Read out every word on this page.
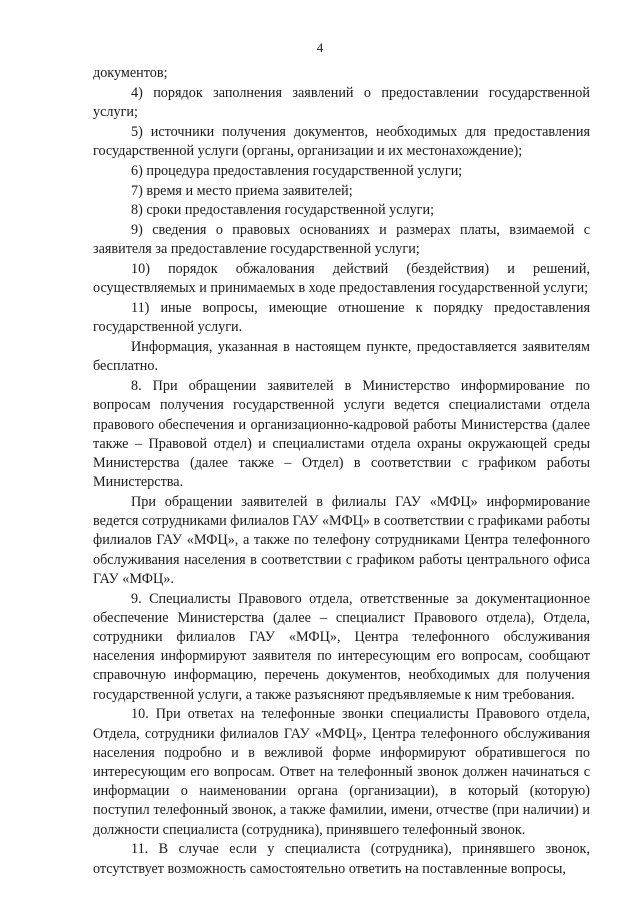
4

документов;

4) порядок заполнения заявлений о предоставлении государственной услуги;

5) источники получения документов, необходимых для предоставления государственной услуги (органы, организации и их местонахождение);

6) процедура предоставления государственной услуги;

7) время и место приема заявителей;

8) сроки предоставления государственной услуги;

9) сведения о правовых основаниях и размерах платы, взимаемой с заявителя за предоставление государственной услуги;

10) порядок обжалования действий (бездействия) и решений, осуществляемых и принимаемых в ходе предоставления государственной услуги;

11) иные вопросы, имеющие отношение к порядку предоставления государственной услуги.

Информация, указанная в настоящем пункте, предоставляется заявителям бесплатно.

8. При обращении заявителей в Министерство информирование по вопросам получения государственной услуги ведется специалистами отдела правового обеспечения и организационно-кадровой работы Министерства (далее также – Правовой отдел) и специалистами отдела охраны окружающей среды Министерства (далее также – Отдел) в соответствии с графиком работы Министерства.

При обращении заявителей в филиалы ГАУ «МФЦ» информирование ведется сотрудниками филиалов ГАУ «МФЦ» в соответствии с графиками работы филиалов ГАУ «МФЦ», а также по телефону сотрудниками Центра телефонного обслуживания населения в соответствии с графиком работы центрального офиса ГАУ «МФЦ».

9. Специалисты Правового отдела, ответственные за документационное обеспечение Министерства (далее – специалист Правового отдела), Отдела, сотрудники филиалов ГАУ «МФЦ», Центра телефонного обслуживания населения информируют заявителя по интересующим его вопросам, сообщают справочную информацию, перечень документов, необходимых для получения государственной услуги, а также разъясняют предъявляемые к ним требования.

10. При ответах на телефонные звонки специалисты Правового отдела, Отдела, сотрудники филиалов ГАУ «МФЦ», Центра телефонного обслуживания населения подробно и в вежливой форме информируют обратившегося по интересующим его вопросам. Ответ на телефонный звонок должен начинаться с информации о наименовании органа (организации), в который (которую) поступил телефонный звонок, а также фамилии, имени, отчестве (при наличии) и должности специалиста (сотрудника), принявшего телефонный звонок.

11. В случае если у специалиста (сотрудника), принявшего звонок, отсутствует возможность самостоятельно ответить на поставленные вопросы,
